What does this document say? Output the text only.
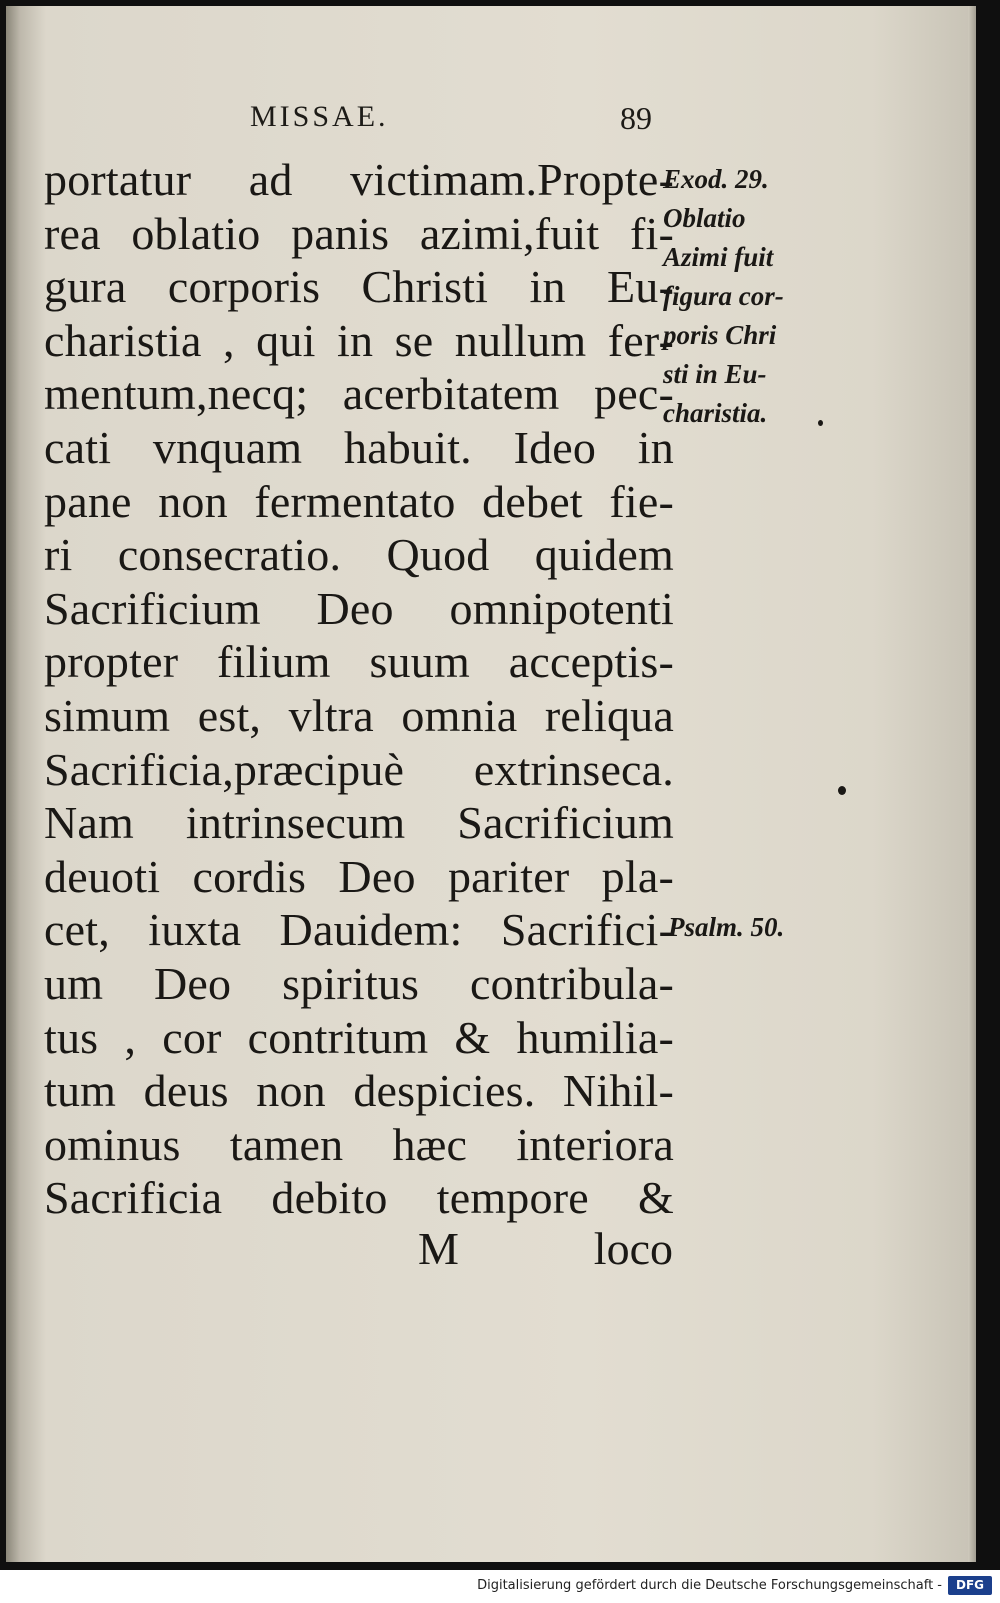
MISSAE.	89
portatur ad victimam.Propte-
rea oblatio panis azimi,fuit fi-
gura corporis Christi in Eu-
charistia , qui in se nullum fer-
mentum,necq; acerbitatem pec-
cati vnquam habuit. Ideo in
pane non fermentato debet fie-
ri consecratio. Quod quidem
Sacrificium Deo omnipotenti
propter filium suum acceptis-
simum est, vltra omnia reliqua
Sacrificia,præcipuè extrinseca.
Nam intrinsecum Sacrificium
deuoti cordis Deo pariter pla-
cet, iuxta Dauidem: Sacrifici-
um Deo spiritus contribula-
tus , cor contritum & humilia-
tum deus non despicies. Nihil-
ominus tamen hæc interiora
Sacrificia debito tempore &
M	loco
Exod. 29.
Oblatio
Azimi fuit
figura cor-
poris Chri
sti in Eu-
charistia.
Psalm. 50.
Digitalisierung gefördert durch die Deutsche Forschungsgemeinschaft -	DFG
